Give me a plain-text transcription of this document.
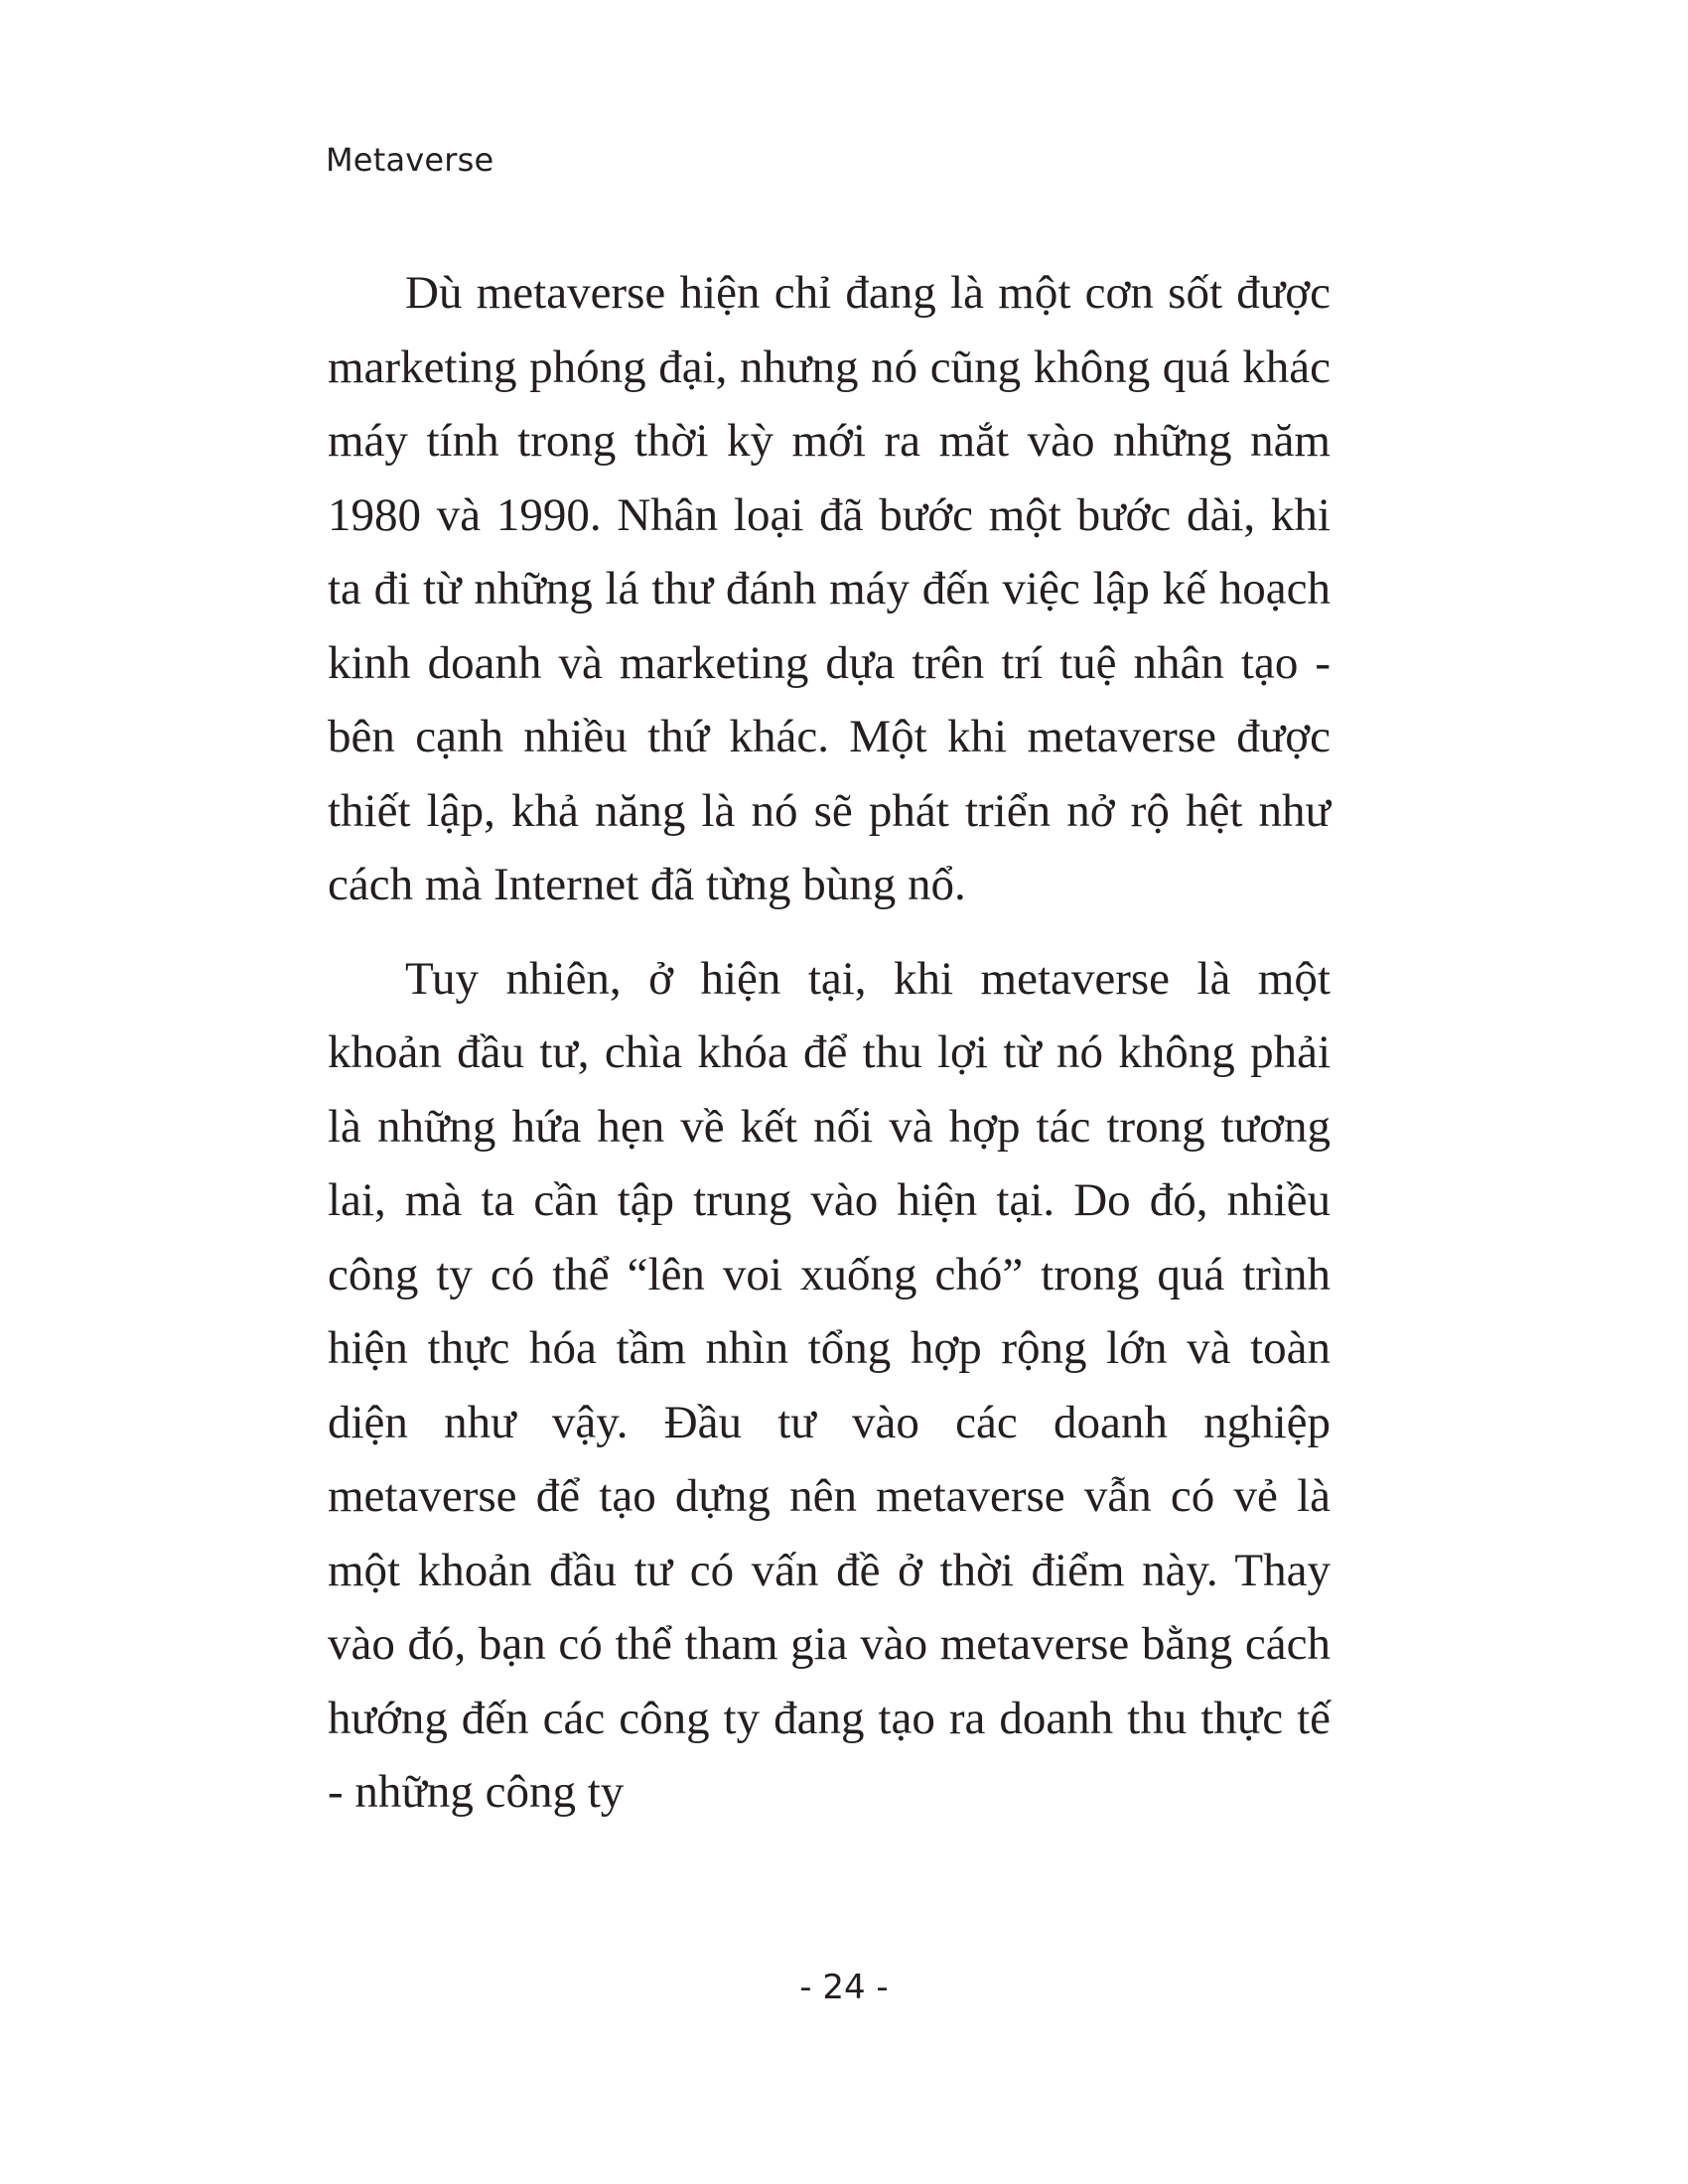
Metaverse

Dù metaverse hiện chỉ đang là một cơn sốt được marketing phóng đại, nhưng nó cũng không quá khác máy tính trong thời kỳ mới ra mắt vào những năm 1980 và 1990. Nhân loại đã bước một bước dài, khi ta đi từ những lá thư đánh máy đến việc lập kế hoạch kinh doanh và marketing dựa trên trí tuệ nhân tạo - bên cạnh nhiều thứ khác. Một khi metaverse được thiết lập, khả năng là nó sẽ phát triển nở rộ hệt như cách mà Internet đã từng bùng nổ.

Tuy nhiên, ở hiện tại, khi metaverse là một khoản đầu tư, chìa khóa để thu lợi từ nó không phải là những hứa hẹn về kết nối và hợp tác trong tương lai, mà ta cần tập trung vào hiện tại. Do đó, nhiều công ty có thể “lên voi xuống chó” trong quá trình hiện thực hóa tầm nhìn tổng hợp rộng lớn và toàn diện như vậy. Đầu tư vào các doanh nghiệp metaverse để tạo dựng nên metaverse vẫn có vẻ là một khoản đầu tư có vấn đề ở thời điểm này. Thay vào đó, bạn có thể tham gia vào metaverse bằng cách hướng đến các công ty đang tạo ra doanh thu thực tế - những công ty

- 24 -
